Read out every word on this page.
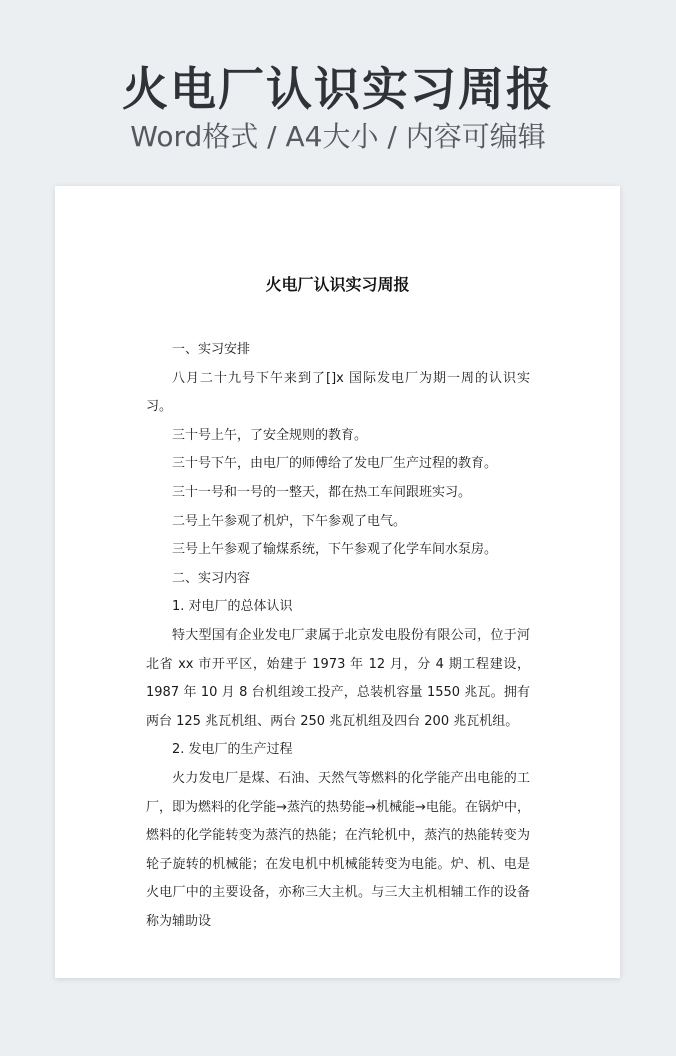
火电厂认识实习周报
Word格式 / A4大小 / 内容可编辑
火电厂认识实习周报

一、实习安排

八月二十九号下午来到了[]x 国际发电厂为期一周的认识实习。

三十号上午，了安全规则的教育。

三十号下午，由电厂的师傅给了发电厂生产过程的教育。

三十一号和一号的一整天，都在热工车间跟班实习。

二号上午参观了机炉，下午参观了电气。

三号上午参观了输煤系统，下午参观了化学车间水泵房。

二、实习内容

1. 对电厂的总体认识

特大型国有企业发电厂隶属于北京发电股份有限公司，位于河北省 xx 市开平区，始建于 1973 年 12 月，分 4 期工程建设，1987 年 10 月 8 台机组竣工投产，总装机容量 1550 兆瓦。拥有两台 125 兆瓦机组、两台 250 兆瓦机组及四台 200 兆瓦机组。

2. 发电厂的生产过程

火力发电厂是煤、石油、天然气等燃料的化学能产出电能的工厂，即为燃料的化学能→蒸汽的热势能→机械能→电能。在锅炉中，燃料的化学能转变为蒸汽的热能；在汽轮机中，蒸汽的热能转变为轮子旋转的机械能；在发电机中机械能转变为电能。炉、机、电是火电厂中的主要设备，亦称三大主机。与三大主机相辅工作的设备称为辅助设
